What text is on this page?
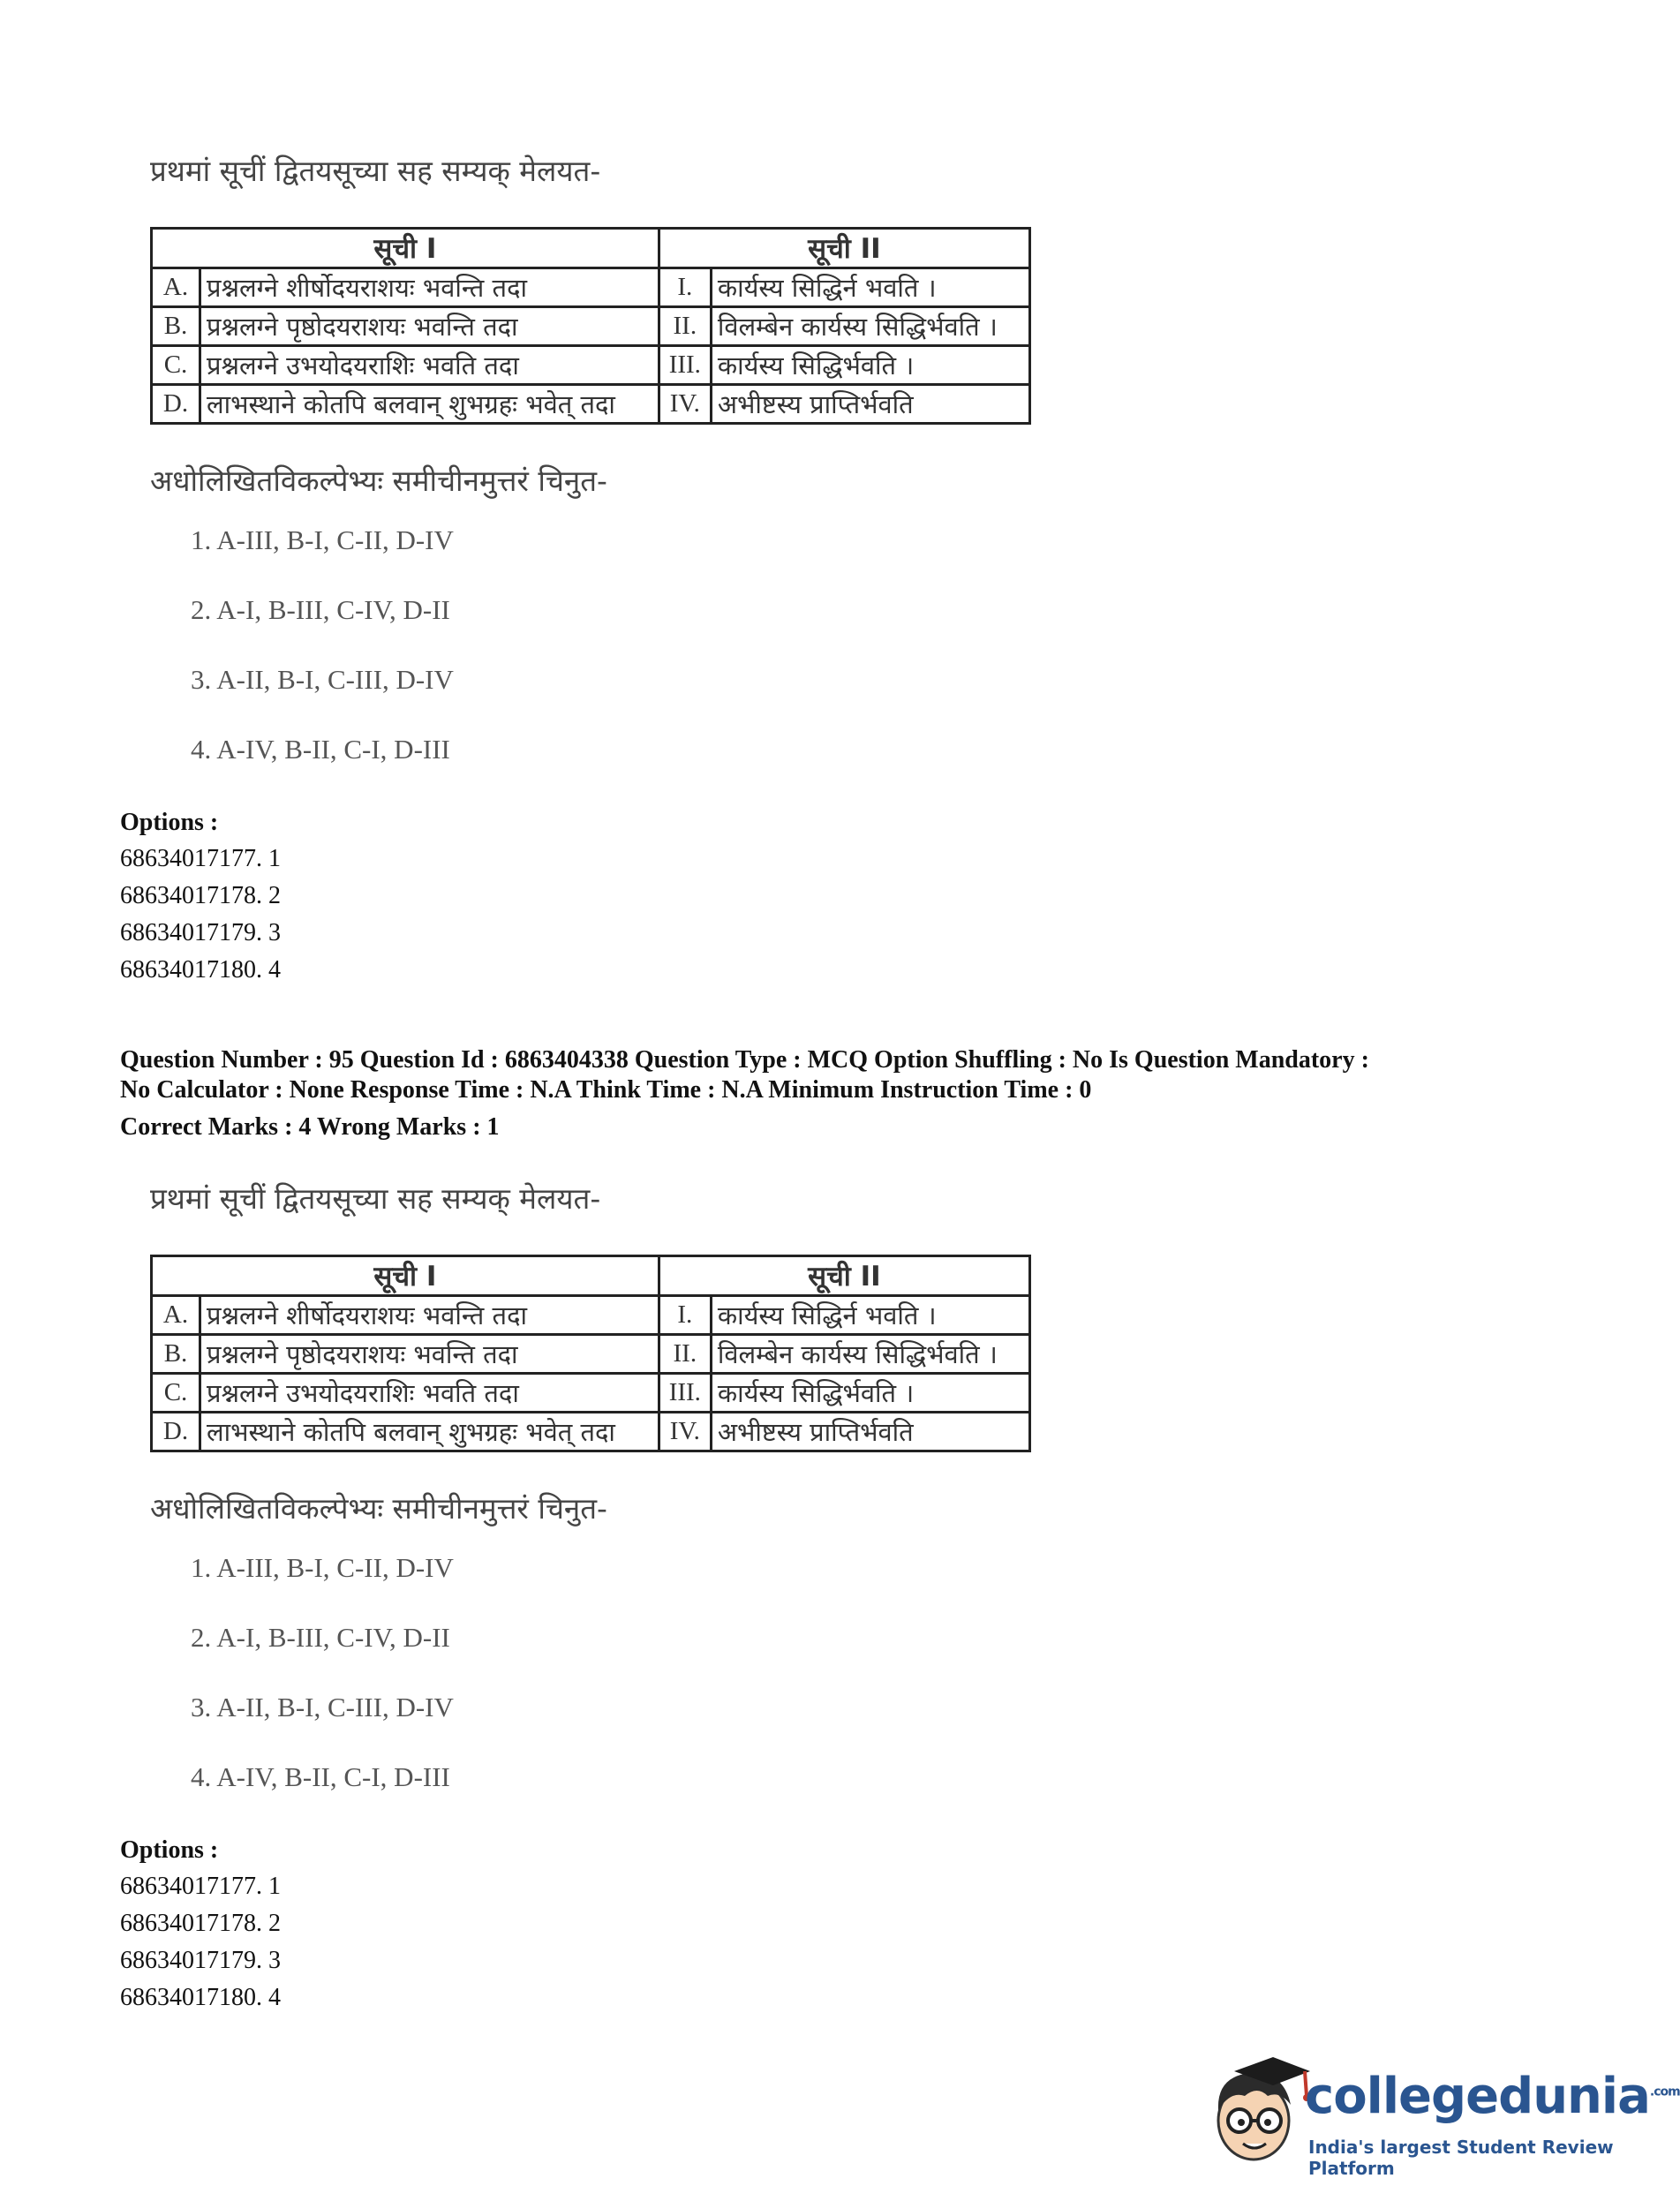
प्रथमां सूचीं द्वितयसूच्या सह सम्यक् मेलयत-

सूची I		सूची II	
A.	प्रश्नलग्ने शीर्षोदयराशयः भवन्ति तदा	I.	कार्यस्य सिद्धिर्न भवति ।
B.	प्रश्नलग्ने पृष्ठोदयराशयः भवन्ति तदा	II.	विलम्बेन कार्यस्य सिद्धिर्भवति ।
C.	प्रश्नलग्ने उभयोदयराशिः भवति तदा	III.	कार्यस्य सिद्धिर्भवति ।
D.	लाभस्थाने कोतपि बलवान् शुभग्रहः भवेत् तदा	IV.	अभीष्टस्य प्राप्तिर्भवति

अधोलिखितविकल्पेभ्यः समीचीनमुत्तरं चिनुत-

1. A-III, B-I, C-II, D-IV
2. A-I, B-III, C-IV, D-II
3. A-II, B-I, C-III, D-IV
4. A-IV, B-II, C-I, D-III
Options :
68634017177. 1
68634017178. 2
68634017179. 3
68634017180. 4
Question Number : 95 Question Id : 6863404338 Question Type : MCQ Option Shuffling : No Is Question Mandatory :
No Calculator : None Response Time : N.A Think Time : N.A Minimum Instruction Time : 0
Correct Marks : 4 Wrong Marks : 1

प्रथमां सूचीं द्वितयसूच्या सह सम्यक् मेलयत-

सूची I		सूची II	
A.	प्रश्नलग्ने शीर्षोदयराशयः भवन्ति तदा	I.	कार्यस्य सिद्धिर्न भवति ।
B.	प्रश्नलग्ने पृष्ठोदयराशयः भवन्ति तदा	II.	विलम्बेन कार्यस्य सिद्धिर्भवति ।
C.	प्रश्नलग्ने उभयोदयराशिः भवति तदा	III.	कार्यस्य सिद्धिर्भवति ।
D.	लाभस्थाने कोतपि बलवान् शुभग्रहः भवेत् तदा	IV.	अभीष्टस्य प्राप्तिर्भवति

अधोलिखितविकल्पेभ्यः समीचीनमुत्तरं चिनुत-

1. A-III, B-I, C-II, D-IV
2. A-I, B-III, C-IV, D-II
3. A-II, B-I, C-III, D-IV
4. A-IV, B-II, C-I, D-III
Options :
68634017177. 1
68634017178. 2
68634017179. 3
68634017180. 4
collegedunia$^{.com}$
India's largest Student Review Platform
